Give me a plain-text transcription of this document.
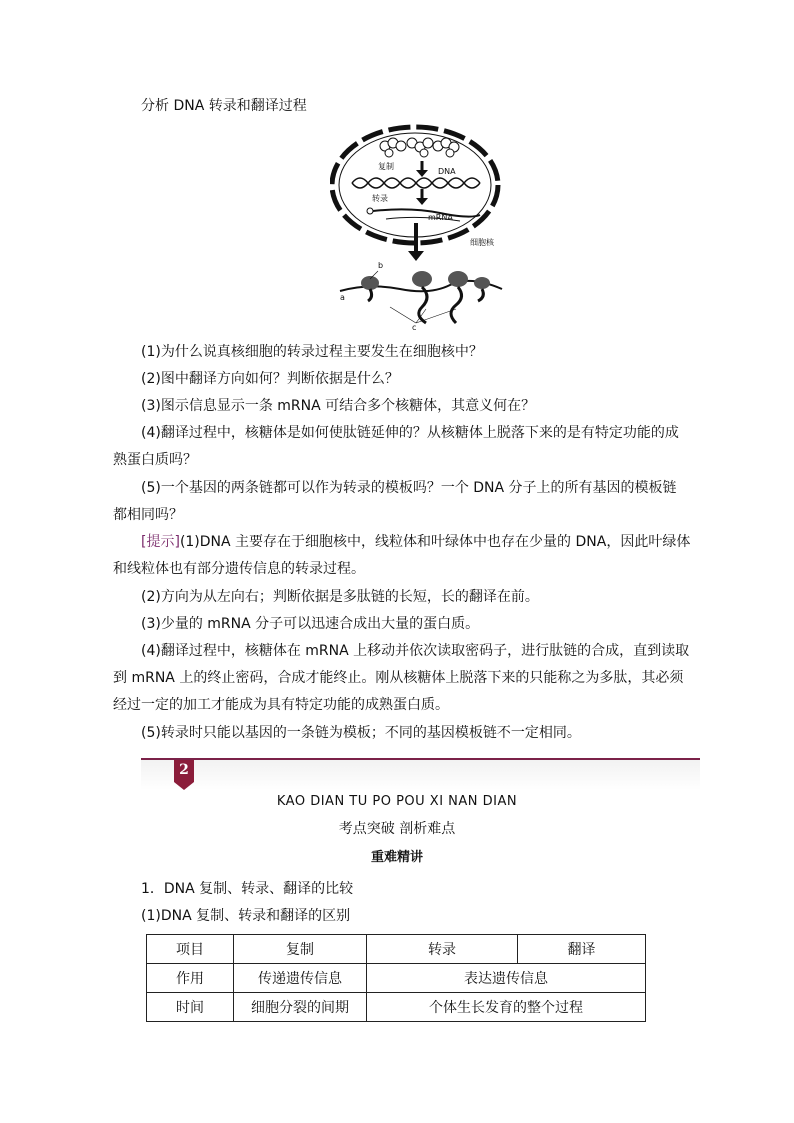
分析 DNA 转录和翻译过程
复制
DNA
转录
mRNA
细胞核
a
b
c
(1)为什么说真核细胞的转录过程主要发生在细胞核中？
(2)图中翻译方向如何？判断依据是什么？
(3)图示信息显示一条 mRNA 可结合多个核糖体，其意义何在？
(4)翻译过程中，核糖体是如何使肽链延伸的？从核糖体上脱落下来的是有特定功能的成
熟蛋白质吗？
(5)一个基因的两条链都可以作为转录的模板吗？一个 DNA 分子上的所有基因的模板链
都相同吗？
[提示](1)DNA 主要存在于细胞核中，线粒体和叶绿体中也存在少量的 DNA，因此叶绿体
和线粒体也有部分遗传信息的转录过程。
(2)方向为从左向右；判断依据是多肽链的长短，长的翻译在前。
(3)少量的 mRNA 分子可以迅速合成出大量的蛋白质。
(4)翻译过程中，核糖体在 mRNA 上移动并依次读取密码子，进行肽链的合成，直到读取
到 mRNA 上的终止密码，合成才能终止。刚从核糖体上脱落下来的只能称之为多肽，其必须
经过一定的加工才能成为具有特定功能的成熟蛋白质。
(5)转录时只能以基因的一条链为模板；不同的基因模板链不一定相同。
2
KAO DIAN TU PO POU XI NAN DIAN
考点突破 剖析难点
重难精讲
1．DNA 复制、转录、翻译的比较
(1)DNA 复制、转录和翻译的区别
项目	复制	转录	翻译
作用	传递遗传信息	表达遗传信息	
时间	细胞分裂的间期	个体生长发育的整个过程	
